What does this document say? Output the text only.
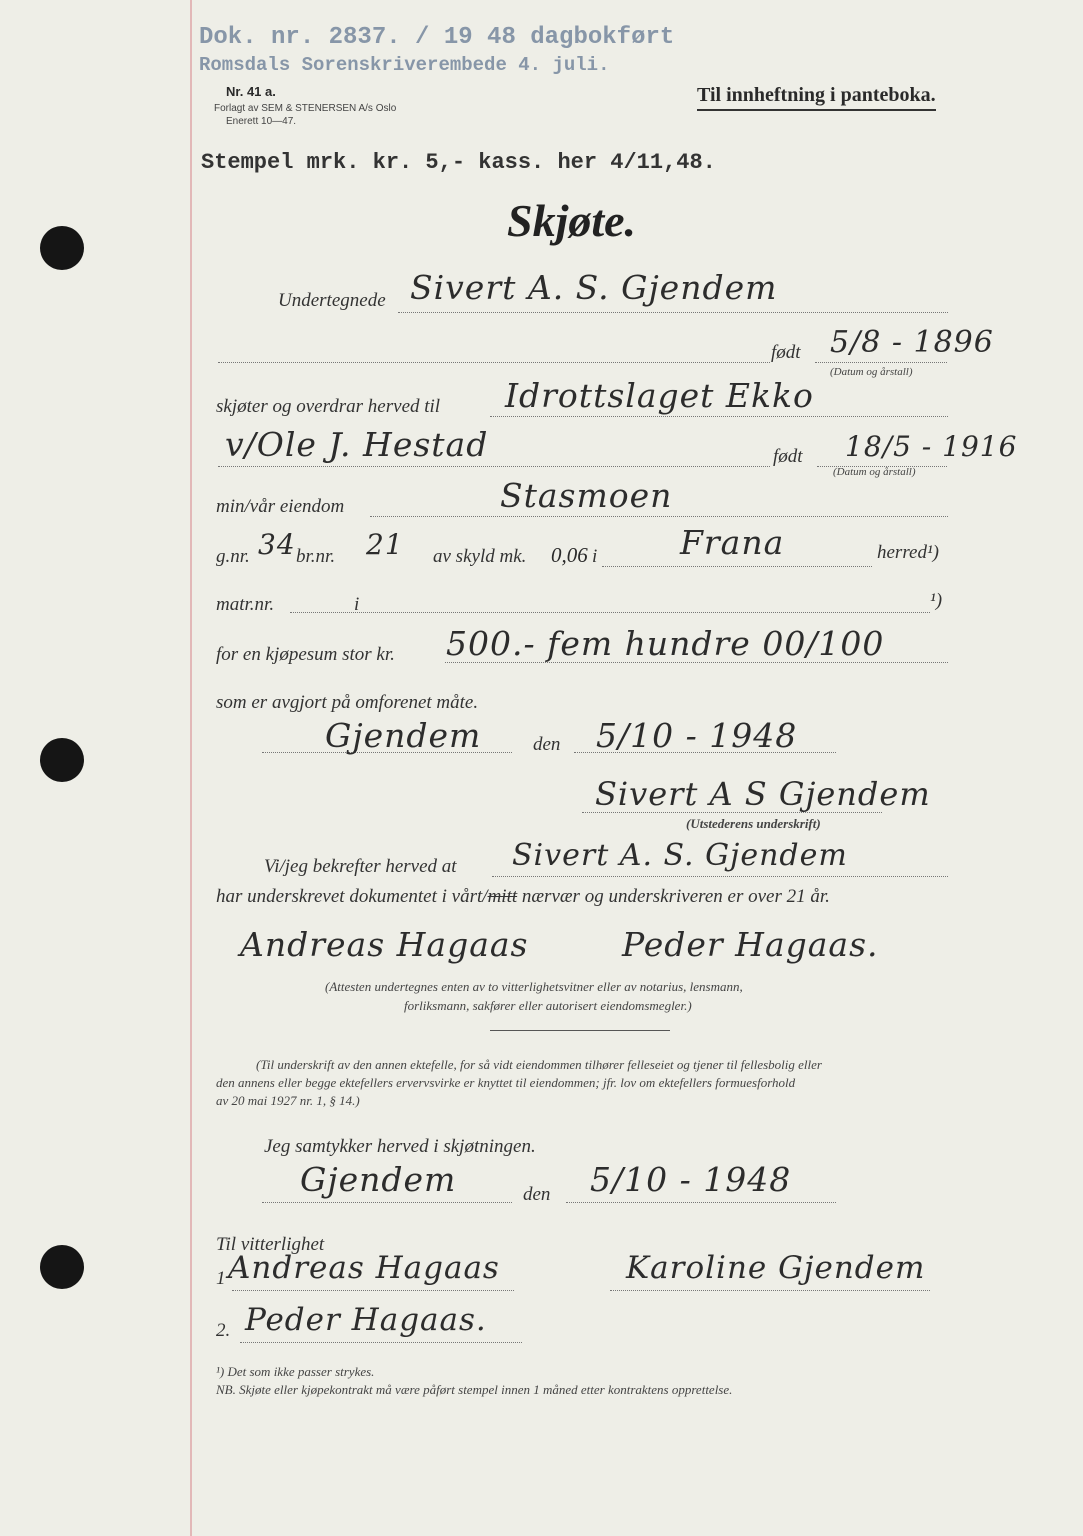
Dok. nr. 2837. / 19 48 dagbokført
Romsdals Sorenskriverembede 4. juli.
Nr. 41 a.
Forlagt av SEM & STENERSEN A/s Oslo
Enerett 10—47.
Til innheftning i panteboka.
Stempel mrk. kr. 5,- kass. her 4/11,48.
Skjøte.
Undertegnede Sivert A. S. Gjendem
født 5/8 - 1896
(Datum og årstall)
skjøter og overdrar herved til Idrottslaget Ekko
v/Ole J. Hestad	født 18/5 - 1916
(Datum og årstall)
min/vår eiendom	Stasmoen
g.nr. 34 br.nr. 21 av skyld mk. 0,06 i	Frana	herred¹)
matr.nr.	i	¹)
for en kjøpesum stor kr. 500.- fem hundre 00/100
som er avgjort på omforenet måte.
Gjendem	den 5/10 - 1948
Sivert A S Gjendem
(Utstederens underskrift)
Vi/jeg bekrefter herved at Sivert A. S. Gjendem
har underskrevet dokumentet i vårt/mitt nærvær og underskriveren er over 21 år.
Andreas Hagaas	Peder Hagaas.
(Attesten undertegnes enten av to vitterlighetsvitner eller av notarius, lensmann,
forliksmann, sakfører eller autorisert eiendomsmegler.)
(Til underskrift av den annen ektefelle, for så vidt eiendommen tilhører felleseiet og tjener til fellesbolig eller
den annens eller begge ektefellers ervervsvirke er knyttet til eiendommen; jfr. lov om ektefellers formuesforhold
av 20 mai 1927 nr. 1, § 14.)
Jeg samtykker herved i skjøtningen.
Gjendem	den 5/10 - 1948
Til vitterlighet
1 Andreas Hagaas	Karoline Gjendem
2. Peder Hagaas.
¹) Det som ikke passer strykes.
NB. Skjøte eller kjøpekontrakt må være påført stempel innen 1 måned etter kontraktens opprettelse.
